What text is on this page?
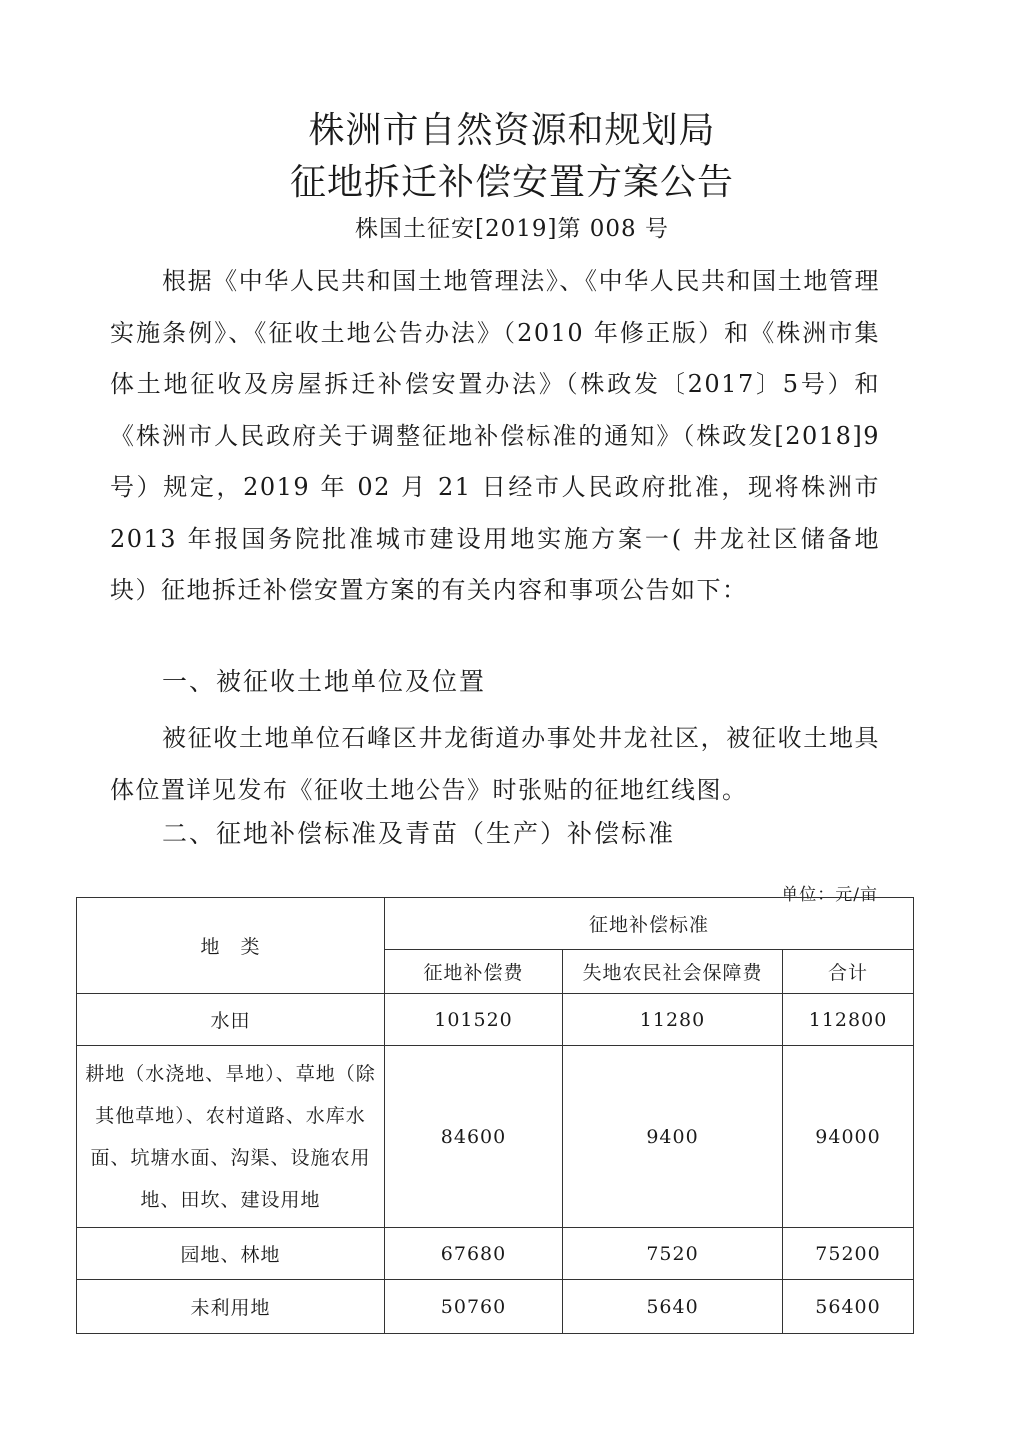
株洲市自然资源和规划局
征地拆迁补偿安置方案公告
株国土征安[2019]第 008 号

根据《中华人民共和国土地管理法》、《中华人民共和国土地管理实施条例》、《征收土地公告办法》（2010 年修正版）和《株洲市集体土地征收及房屋拆迁补偿安置办法》（株政发〔2017〕5号）和《株洲市人民政府关于调整征地补偿标准的通知》（株政发[2018]9 号）规定，2019 年 02 月 21 日经市人民政府批准，现将株洲市 2013 年报国务院批准城市建设用地实施方案一( 井龙社区储备地块）征地拆迁补偿安置方案的有关内容和事项公告如下：

一、被征收土地单位及位置

被征收土地单位石峰区井龙街道办事处井龙社区，被征收土地具体位置详见发布《征收土地公告》时张贴的征地红线图。

二、征地补偿标准及青苗（生产）补偿标准
单位：元/亩
地　类	征地补偿标准		
	征地补偿费	失地农民社会保障费	合计
水田	101520	11280	112800
耕地（水浇地、旱地）、草地（除其他草地）、农村道路、水库水面、坑塘水面、沟渠、设施农用地、田坎、建设用地	84600	9400	94000
园地、林地	67680	7520	75200
未利用地	50760	5640	56400
